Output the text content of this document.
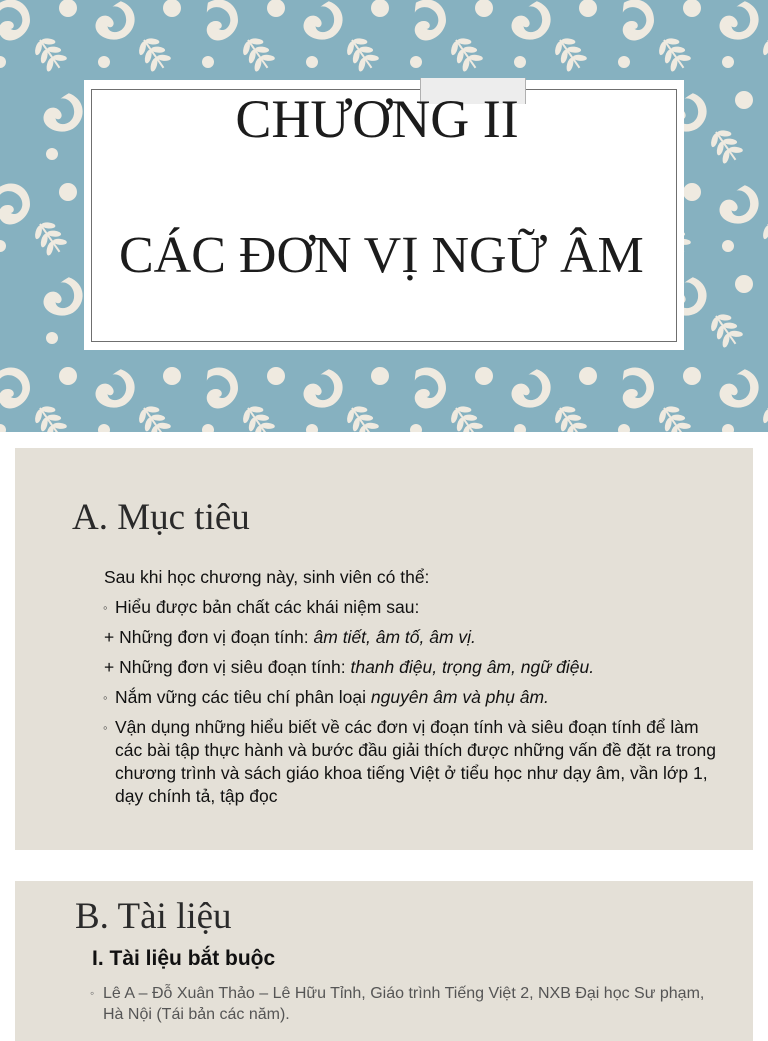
CHƯƠNG II
CÁC ĐƠN VỊ NGỮ ÂM
A. Mục tiêu

Sau khi học chương này, sinh viên có thể:

◦ Hiểu được bản chất các khái niệm sau:

+ Những đơn vị đoạn tính: âm tiết, âm tố, âm vị.

+ Những đơn vị siêu đoạn tính: thanh điệu, trọng âm, ngữ điệu.

◦ Nắm vững các tiêu chí phân loại nguyên âm và phụ âm.

◦ Vận dụng những hiểu biết về các đơn vị đoạn tính và siêu đoạn tính để làm các bài tập thực hành và bước đầu giải thích được những vấn đề đặt ra trong chương trình và sách giáo khoa tiếng Việt ở tiểu học như dạy âm, vần lớp 1, dạy chính tả, tập đọc

B. Tài liệu
I. Tài liệu bắt buộc
◦ Lê A – Đỗ Xuân Thảo – Lê Hữu Tỉnh, Giáo trình Tiếng Việt 2, NXB Đại học Sư phạm, Hà Nội (Tái bản các năm).
